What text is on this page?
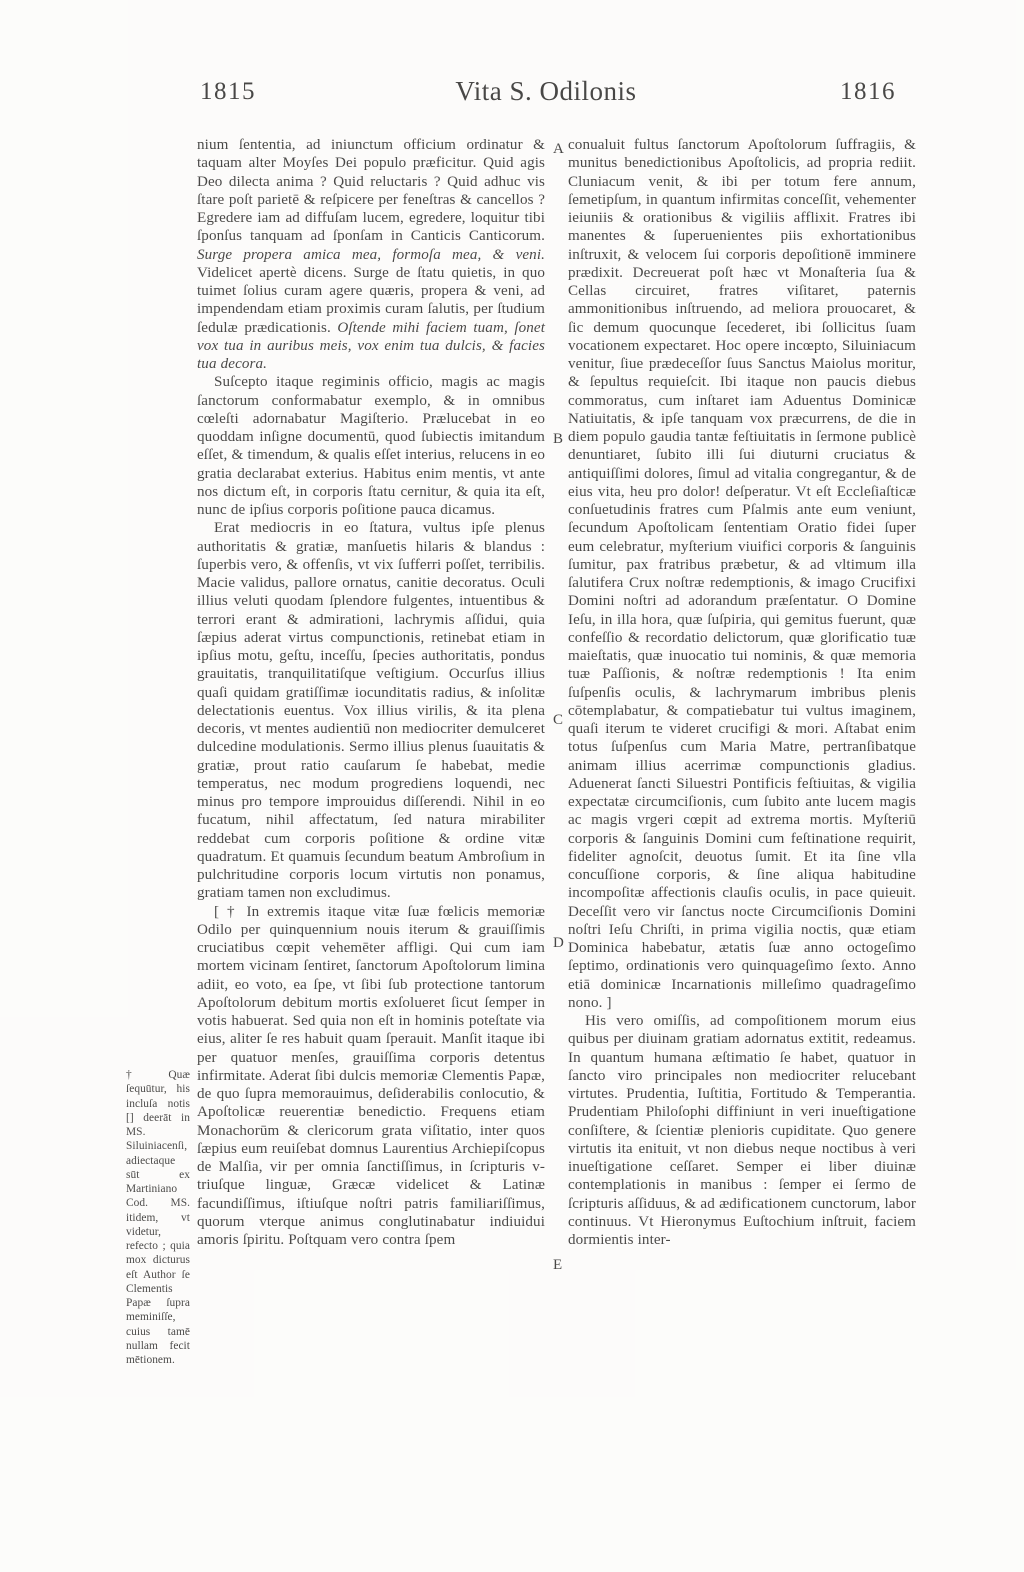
1815	Vita S. Odilonis	1816

nium ſententia, ad iniunctum officium ordinatur & taquam alter Moyſes Dei populo præficitur. Quid agis Deo dilecta anima ? Quid reluctaris ? Quid adhuc vis ſtare poſt parietē & reſpicere per feneſtras & cancellos ? Egredere iam ad diffuſam lucem, egredere, loquitur tibi ſponſus tanquam ad ſponſam in Canticis Canticorum. Surge propera amica mea, formoſa mea, & veni. Videlicet apertè dicens. Surge de ſtatu quietis, in quo tuimet ſolius curam agere quæris, propera & veni, ad impendendam etiam proximis curam ſalutis, per ſtudium ſedulæ prædicationis. Oſtende mihi faciem tuam, ſonet vox tua in auribus meis, vox enim tua dulcis, & facies tua decora.

Suſcepto itaque regiminis officio, magis ac magis ſanctorum conformabatur exemplo, & in omnibus cœleſti adornabatur Magiſterio. Prælucebat in eo quoddam inſigne documentū, quod ſubiectis imitandum eſſet, & timendum, & qualis eſſet interius, relucens in eo gratia declarabat exterius. Habitus enim mentis, vt ante nos dictum eſt, in corporis ſtatu cernitur, & quia ita eſt, nunc de ipſius corporis poſitione pauca dicamus.

Erat mediocris in eo ſtatura, vultus ipſe plenus authoritatis & gratiæ, manſuetis hilaris & blandus : ſuperbis vero, & offenſis, vt vix ſufferri poſſet, terribilis. Macie validus, pallore ornatus, canitie decoratus. Oculi illius veluti quodam ſplendore fulgentes, intuentibus & terrori erant & admirationi, lachrymis aſſidui, quia ſæpius aderat virtus compunctionis, retinebat etiam in ipſius motu, geſtu, inceſſu, ſpecies authoritatis, pondus grauitatis, tranquilitatiſque veſtigium. Occurſus illius quaſi quidam gratiſſimæ iocunditatis radius, & inſolitæ delectationis euentus. Vox illius virilis, & ita plena decoris, vt mentes audientiū non mediocriter demulceret dulcedine modulationis. Sermo illius plenus ſuauitatis & gratiæ, prout ratio cauſarum ſe habebat, medie temperatus, nec modum progrediens loquendi, nec minus pro tempore improuidus diſſerendi. Nihil in eo fucatum, nihil affectatum, ſed natura mirabiliter reddebat cum corporis poſitione & ordine vitæ quadratum. Et quamuis ſecundum beatum Ambroſium in pulchritudine corporis locum virtutis non ponamus, gratiam tamen non excludimus.

[ † In extremis itaque vitæ ſuæ fœlicis memoriæ Odilo per quinquennium nouis iterum & grauiſſimis cruciatibus cœpit vehemēter affligi. Qui cum iam mortem vicinam ſentiret, ſanctorum Apoſtolorum limina adiit, eo voto, ea ſpe, vt ſibi ſub protectione tantorum Apoſtolorum debitum mortis exſolueret ſicut ſemper in votis habuerat. Sed quia non eſt in hominis poteſtate via eius, aliter ſe res habuit quam ſperauit. Manſit itaque ibi per quatuor menſes, grauiſſima corporis detentus infirmitate. Aderat ſibi dulcis memoriæ Clementis Papæ, de quo ſupra memorauimus, deſiderabilis conlocutio, & Apoſtolicæ reuerentiæ benedictio. Frequens etiam Monachorūm & clericorum grata viſitatio, inter quos ſæpius eum reuiſebat domnus Laurentius Archiepiſcopus de Malſia, vir per omnia ſanctiſſimus, in ſcripturis v-triuſque linguæ, Græcæ videlicet & Latinæ facundiſſimus, iſtiuſque noſtri patris familiariſſimus, quorum vterque animus conglutinabatur indiuidui amoris ſpiritu. Poſtquam vero contra ſpem

conualuit fultus ſanctorum Apoſtolorum ſuffragiis, & munitus benedictionibus Apoſtolicis, ad propria rediit. Cluniacum venit, & ibi per totum fere annum, ſemetipſum, in quantum infirmitas conceſſit, vehementer ieiuniis & orationibus & vigiliis afflixit. Fratres ibi manentes & ſuperuenientes piis exhortationibus inſtruxit, & velocem ſui corporis depoſitionē imminere prædixit. Decreuerat poſt hæc vt Monaſteria ſua & Cellas circuiret, fratres viſitaret, paternis ammonitionibus inſtruendo, ad meliora prouocaret, & ſic demum quocunque ſecederet, ibi ſollicitus ſuam vocationem expectaret. Hoc opere incœpto, Siluiniacum venitur, ſiue prædeceſſor ſuus Sanctus Maiolus moritur, & ſepultus requieſcit. Ibi itaque non paucis diebus commoratus, cum inſtaret iam Aduentus Dominicæ Natiuitatis, & ipſe tanquam vox præcurrens, de die in diem populo gaudia tantæ feſtiuitatis in ſermone publicè denuntiaret, ſubito illi ſui diuturni cruciatus & antiquiſſimi dolores, ſimul ad vitalia congregantur, & de eius vita, heu pro dolor! deſperatur. Vt eſt Eccleſiaſticæ conſuetudinis fratres cum Pſalmis ante eum veniunt, ſecundum Apoſtolicam ſententiam Oratio fidei ſuper eum celebratur, myſterium viuifici corporis & ſanguinis ſumitur, pax fratribus præbetur, & ad vltimum illa ſalutifera Crux noſtræ redemptionis, & imago Crucifixi Domini noſtri ad adorandum præſentatur. O Domine Ieſu, in illa hora, quæ ſuſpiria, qui gemitus fuerunt, quæ confeſſio & recordatio delictorum, quæ glorificatio tuæ maieſtatis, quæ inuocatio tui nominis, & quæ memoria tuæ Paſſionis, & noſtræ redemptionis ! Ita enim ſuſpenſis oculis, & lachrymarum imbribus plenis cōtemplabatur, & compatiebatur tui vultus imaginem, quaſi iterum te videret crucifigi & mori. Aſtabat enim totus ſuſpenſus cum Maria Matre, pertranſibatque animam illius acerrimæ compunctionis gladius. Aduenerat ſancti Siluestri Pontificis feſtiuitas, & vigilia expectatæ circumciſionis, cum ſubito ante lucem magis ac magis vrgeri cœpit ad extrema mortis. Myſteriū corporis & ſanguinis Domini cum feſtinatione requirit, fideliter agnoſcit, deuotus ſumit. Et ita ſine vlla concuſſione corporis, & ſine aliqua habitudine incompoſitæ affectionis clauſis oculis, in pace quieuit. Deceſſit vero vir ſanctus nocte Circumciſionis Domini noſtri Ieſu Chriſti, in prima vigilia noctis, quæ etiam Dominica habebatur, ætatis ſuæ anno octogeſimo ſeptimo, ordinationis vero quinquageſimo ſexto. Anno etiā dominicæ Incarnationis milleſimo quadrageſimo nono. ]

His vero omiſſis, ad compoſitionem morum eius quibus per diuinam gratiam adornatus extitit, redeamus. In quantum humana æſtimatio ſe habet, quatuor in ſancto viro principales non mediocriter relucebant virtutes. Prudentia, Iuſtitia, Fortitudo & Temperantia. Prudentiam Philoſophi diffiniunt in veri inueſtigatione conſiſtere, & ſcientiæ plenioris cupiditate. Quo genere virtutis ita enituit, vt non diebus neque noctibus à veri inueſtigatione ceſſaret. Semper ei liber diuinæ contemplationis in manibus : ſemper ei ſermo de ſcripturis aſſiduus, & ad ædificationem cunctorum, labor continuus. Vt Hieronymus Euſtochium inſtruit, faciem dormientis inter-

† Quæ ſequūtur, his incluſa notis [] deerāt in MS. Siluiniacenſi, adiectaque sūt ex Martiniano Cod. MS. itidem, vt videtur, refecto ; quia mox dicturus eſt Author ſe Clementis Papæ ſupra meminiſſe, cuius tamē nullam fecit mētionem.

A
B
C
D
E
